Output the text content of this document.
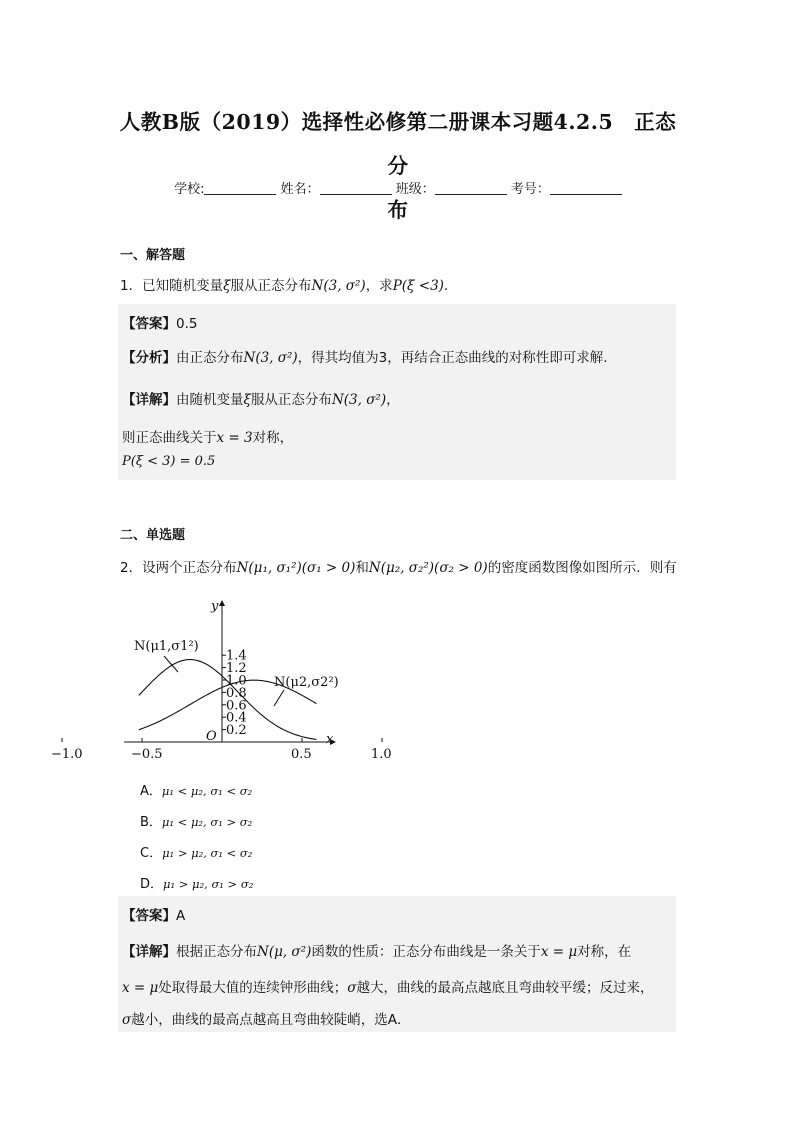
人教B版（2019）选择性必修第二册课本习题4.2.5　正态分
布
学校:	姓名：	班级：	考号：
一、解答题
1．已知随机变量ξ服从正态分布N(3, σ²)，求P(ξ <3)．
【答案】0.5
【分析】由正态分布N(3, σ²)，得其均值为3，再结合正态曲线的对称性即可求解.
【详解】由随机变量ξ服从正态分布N(3, σ²)，
则正态曲线关于x = 3对称，
P(ξ < 3) = 0.5
二、单选题
2．设两个正态分布N(μ₁, σ₁²)(σ₁ > 0)和N(μ₂, σ₂²)(σ₂ > 0)的密度函数图像如图所示．则有
x
y
O
1.4
1.2
1.0
0.8
0.6
0.4
0.2
−1.0	−0.5	0.5	1.0
N(μ1,σ1²)
N(μ2,σ2²)
A．μ₁ < μ₂, σ₁ < σ₂
B．μ₁ < μ₂, σ₁ > σ₂
C．μ₁ > μ₂, σ₁ < σ₂
D．μ₁ > μ₂, σ₁ > σ₂
【答案】A
【详解】根据正态分布N(μ, σ²)函数的性质：正态分布曲线是一条关于x = μ对称，在
x = μ处取得最大值的连续钟形曲线；σ越大，曲线的最高点越底且弯曲较平缓；反过来，
σ越小，曲线的最高点越高且弯曲较陡峭，选A．
